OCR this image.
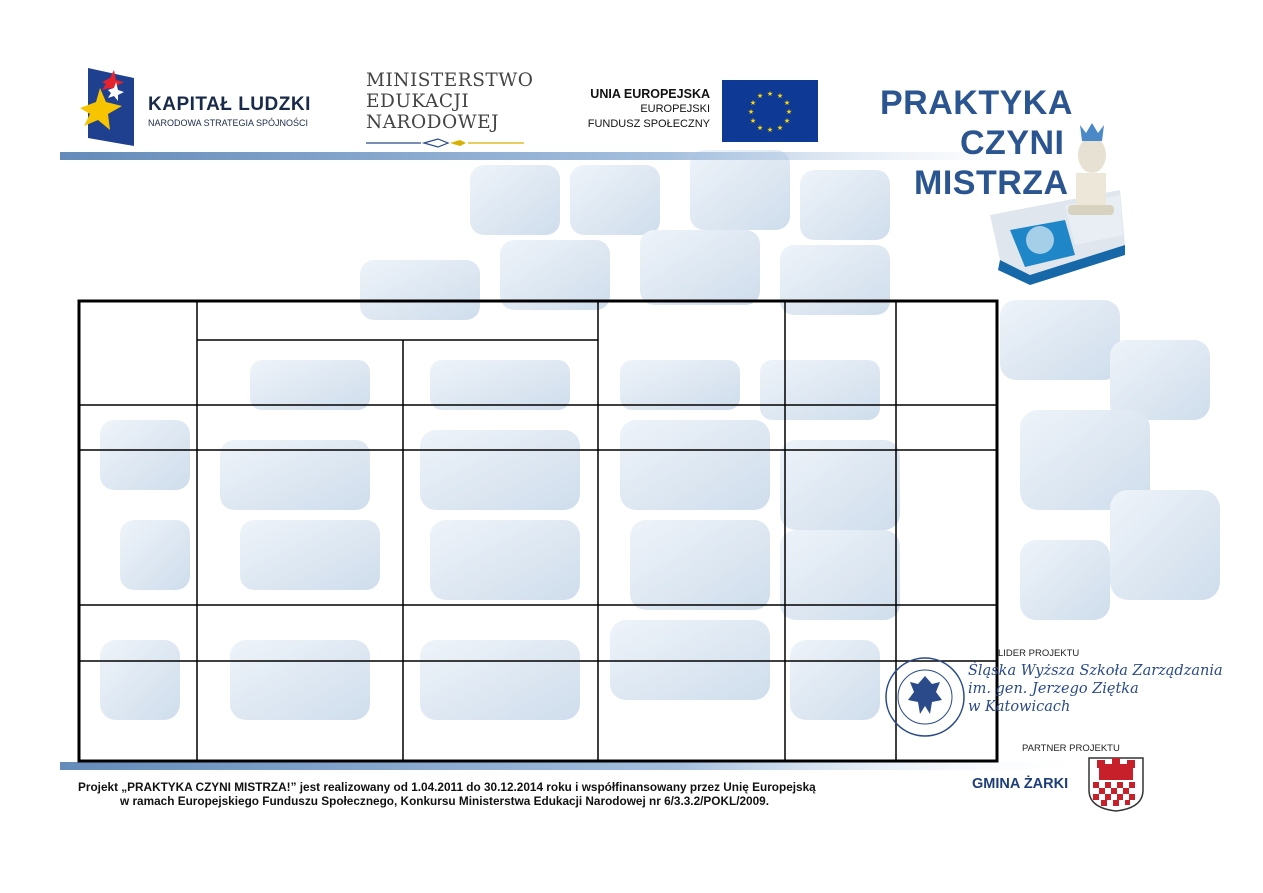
KAPITAŁ LUDZKI
NARODOWA STRATEGIA SPÓJNOŚCI
MINISTERSTWO
EDUKACJI
NARODOWEJ
UNIA EUROPEJSKA
EUROPEJSKI
FUNDUSZ SPOŁECZNY
★ ★
★
★
★
★
★
★
★
★
★
★	PRAKTYKA
CZYNI
MISTRZA
Projekt „PRAKTYKA CZYNI MISTRZA!” jest realizowany od 1.04.2011 do 30.12.2014 roku i współfinansowany przez Unię Europejską
w ramach Europejskiego Funduszu Społecznego, Konkursu Ministerstwa Edukacji Narodowej nr 6/3.3.2/POKL/2009.
LIDER PROJEKTU
Śląska Wyższa Szkoła Zarządzania
im. gen. Jerzego Ziętka
w Katowicach
PARTNER PROJEKTU
GMINA ŻARKI
